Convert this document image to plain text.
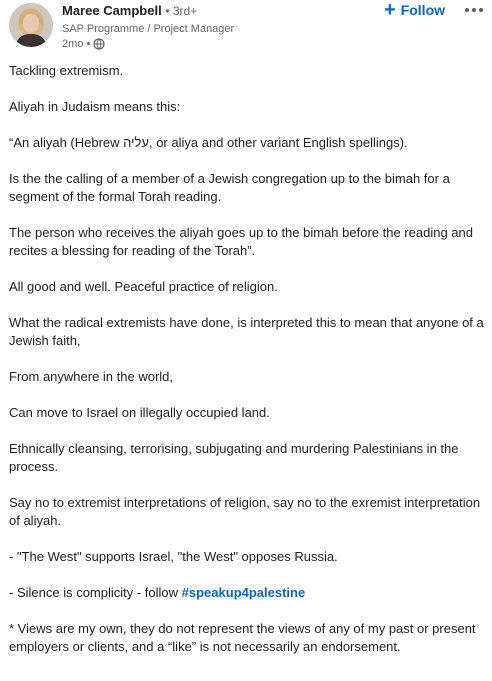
Maree Campbell • 3rd+
SAP Programme / Project Manager
2mo •
+ Follow

Tackling extremism.

Aliyah in Judaism means this:

“An aliyah (Hebrew עליה, or aliya and other variant English spellings).

Is the the calling of a member of a Jewish congregation up to the bimah for a segment of the formal Torah reading.

The person who receives the aliyah goes up to the bimah before the reading and recites a blessing for reading of the Torah”.

All good and well. Peaceful practice of religion.

What the radical extremists have done, is interpreted this to mean that anyone of a Jewish faith,

From anywhere in the world,

Can move to Israel on illegally occupied land.

Ethnically cleansing, terrorising, subjugating and murdering Palestinians in the process.

Say no to extremist interpretations of religion, say no to the exremist interpretation of aliyah.

- "The West" supports Israel, "the West" opposes Russia.

- Silence is complicity - follow #speakup4palestine

* Views are my own, they do not represent the views of any of my past or present employers or clients, and a “like” is not necessarily an endorsement.
